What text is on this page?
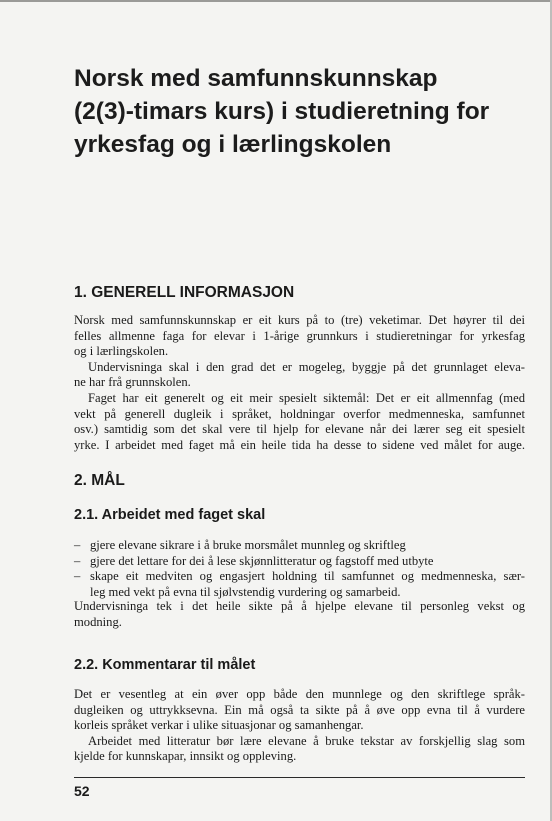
Norsk med samfunnskunnskap
(2(3)-timars kurs) i studieretning for
yrkesfag og i lærlingskolen
1. GENERELL INFORMASJON
Norsk med samfunnskunnskap er eit kurs på to (tre) veketimar. Det høyrer til dei
felles allmenne faga for elevar i 1-årige grunnkurs i studieretningar for yrkesfag
og i lærlingskolen.
Undervisninga skal i den grad det er mogeleg, byggje på det grunnlaget eleva-
ne har frå grunnskolen.
Faget har eit generelt og eit meir spesielt siktemål: Det er eit allmennfag (med
vekt på generell dugleik i språket, holdningar overfor medmenneska, samfunnet
osv.) samtidig som det skal vere til hjelp for elevane når dei lærer seg eit spesielt
yrke. I arbeidet med faget må ein heile tida ha desse to sidene ved målet for auge.
2. MÅL
2.1. Arbeidet med faget skal
– gjere elevane sikrare i å bruke morsmålet munnleg og skriftleg
– gjere det lettare for dei å lese skjønnlitteratur og fagstoff med utbyte
– skape eit medviten og engasjert holdning til samfunnet og medmenneska, sær-
leg med vekt på evna til sjølvstendig vurdering og samarbeid.
Undervisninga tek i det heile sikte på å hjelpe elevane til personleg vekst og
modning.
2.2. Kommentarar til målet
Det er vesentleg at ein øver opp både den munnlege og den skriftlege språk-
dugleiken og uttrykksevna. Ein må også ta sikte på å øve opp evna til å vurdere
korleis språket verkar i ulike situasjonar og samanhengar.
Arbeidet med litteratur bør lære elevane å bruke tekstar av forskjellig slag som
kjelde for kunnskapar, innsikt og oppleving.
52
